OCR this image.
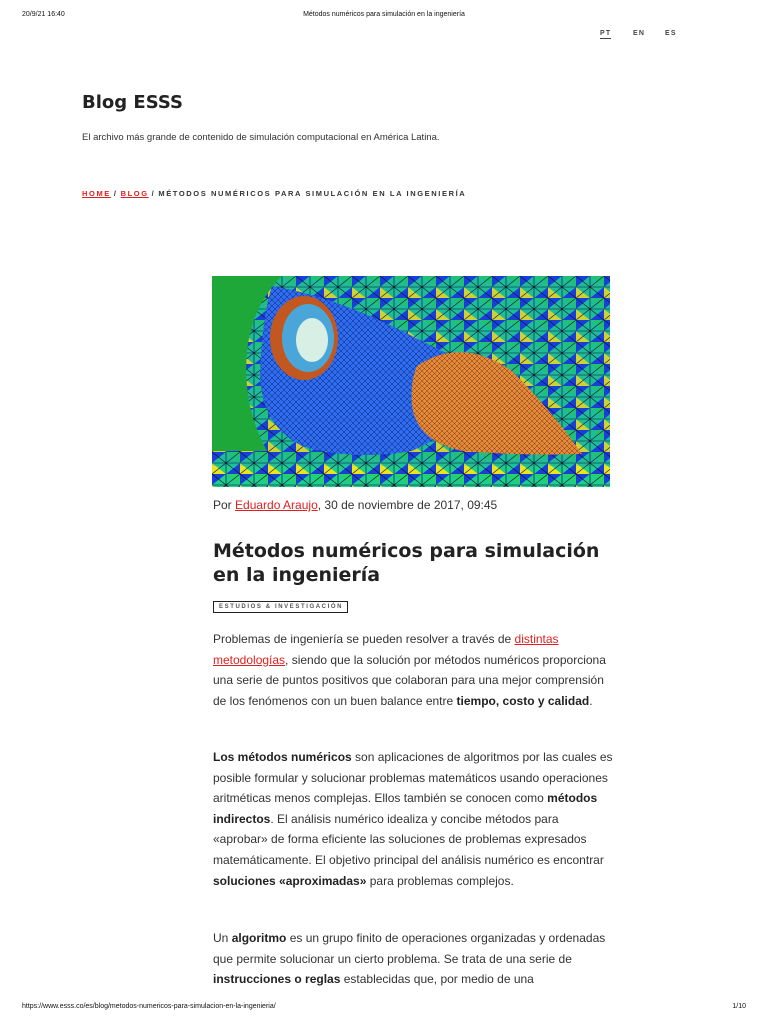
20/9/21 16:40	Métodos numéricos para simulación en la ingeniería
PT	EN	ES
Blog ESSS
El archivo más grande de contenido de simulación computacional en América Latina.
HOME / BLOG / MÉTODOS NUMÉRICOS PARA SIMULACIÓN EN LA INGENIERÍA
Por Eduardo Araujo, 30 de noviembre de 2017, 09:45
Métodos numéricos para simulación en la ingeniería
ESTUDIOS & INVESTIGACIÓN
Problemas de ingeniería se pueden resolver a través de distintas metodologías, siendo que la solución por métodos numéricos proporciona una serie de puntos positivos que colaboran para una mejor comprensión de los fenómenos con un buen balance entre tiempo, costo y calidad.
Los métodos numéricos son aplicaciones de algoritmos por las cuales es posible formular y solucionar problemas matemáticos usando operaciones aritméticas menos complejas. Ellos también se conocen como métodos indirectos. El análisis numérico idealiza y concibe métodos para «aprobar» de forma eficiente las soluciones de problemas expresados matemáticamente. El objetivo principal del análisis numérico es encontrar soluciones «aproximadas» para problemas complejos.
Un algoritmo es un grupo finito de operaciones organizadas y ordenadas que permite solucionar un cierto problema. Se trata de una serie de instrucciones o reglas establecidas que, por medio de una
https://www.esss.co/es/blog/metodos-numericos-para-simulacion-en-la-ingenieria/	1/10
